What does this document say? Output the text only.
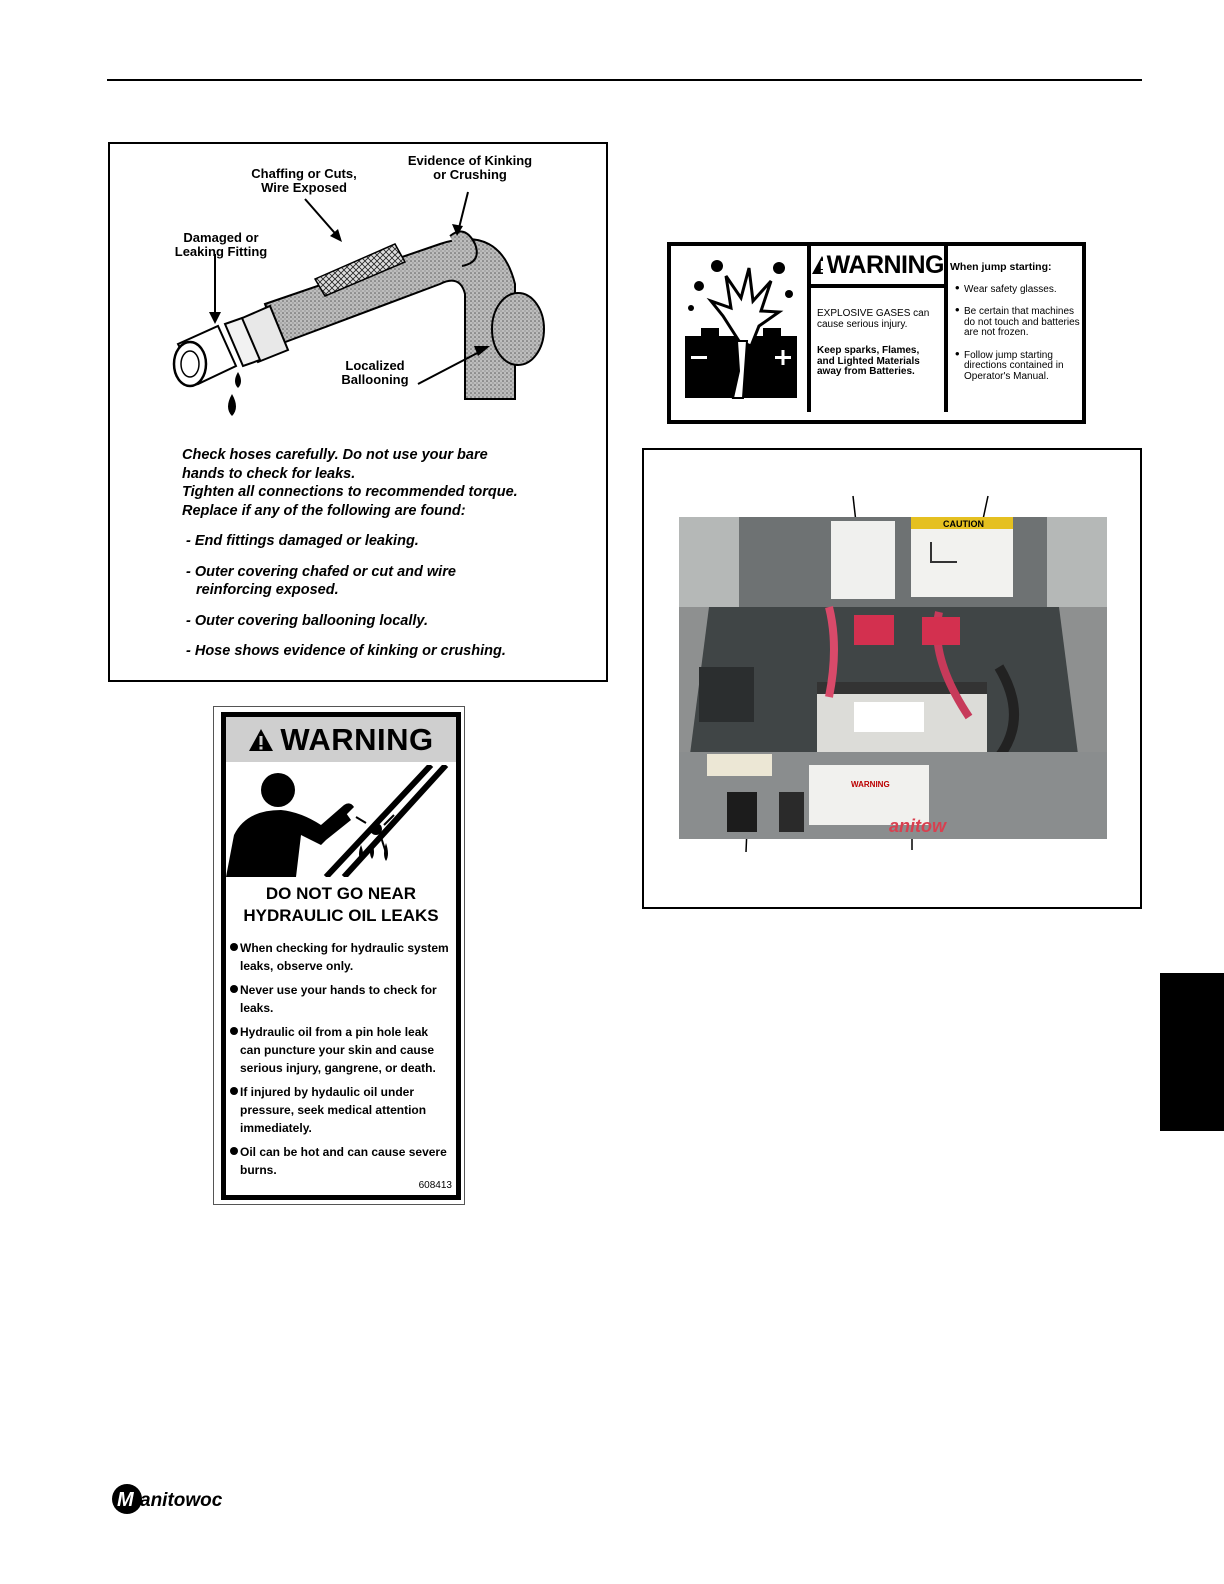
Chaffing or Cuts,
Wire Exposed
Evidence of Kinking
or Crushing
Damaged or
Leaking Fitting
Localized
Ballooning
Check hoses carefully. Do not use your bare
hands to check for leaks.
Tighten all connections to recommended torque.
Replace if any of the following are found:
- End fittings damaged or leaking.
- Outer covering chafed or cut and wire
reinforcing exposed.
- Outer covering ballooning locally.
- Hose shows evidence of kinking or crushing.
WARNING
DO NOT GO NEAR
HYDRAULIC OIL LEAKS
When checking for hydraulic system leaks, observe only.
Never use your hands to check for leaks.
Hydraulic oil from a pin hole leak can puncture your skin and cause serious injury, gangrene, or death.
If injured by hydaulic oil under pressure, seek medical attention immediately.
Oil can be hot and can cause severe burns.
608413
WARNING
EXPLOSIVE GASES can cause serious injury.
Keep sparks, Flames, and Lighted Materials away from Batteries.
When jump starting:
• Wear safety glasses.
• Be certain that machines do not touch and batteries are not frozen.
• Follow jump starting directions contained in Operator's Manual.
CAUTION
WARNING
anitow
M anitowoc
